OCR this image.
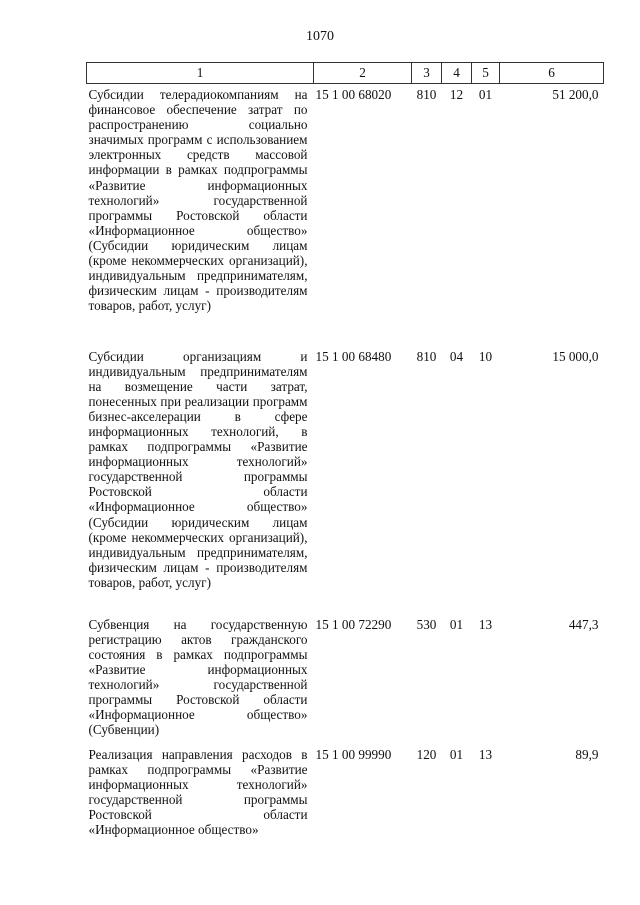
1070
1	2	3	4	5	6
Субсидии телерадиокомпаниям на финансовое обеспечение затрат по распространению социально значимых программ с использованием электронных средств массовой информации в рамках подпрограммы «Развитие информационных технологий» государственной программы Ростовской области «Информационное общество» (Субсидии юридическим лицам (кроме некоммерческих организаций), индивидуальным предпринимателям, физическим лицам - производителям товаров, работ, услуг)	15 1 00 68020	810	12	01	51 200,0
Субсидии организациям и индивидуальным предпринимателям на возмещение части затрат, понесенных при реализации программ бизнес-акселерации в сфере информационных технологий, в рамках подпрограммы «Развитие информационных технологий» государственной программы Ростовской области «Информационное общество» (Субсидии юридическим лицам (кроме некоммерческих организаций), индивидуальным предпринимателям, физическим лицам - производителям товаров, работ, услуг)	15 1 00 68480	810	04	10	15 000,0
Субвенция на государственную регистрацию актов гражданского состояния в рамках подпрограммы «Развитие информационных технологий» государственной программы Ростовской области «Информационное общество» (Субвенции)	15 1 00 72290	530	01	13	447,3
Реализация направления расходов в рамках подпрограммы «Развитие информационных технологий» государственной программы Ростовской области «Информационное общество»	15 1 00 99990	120	01	13	89,9
